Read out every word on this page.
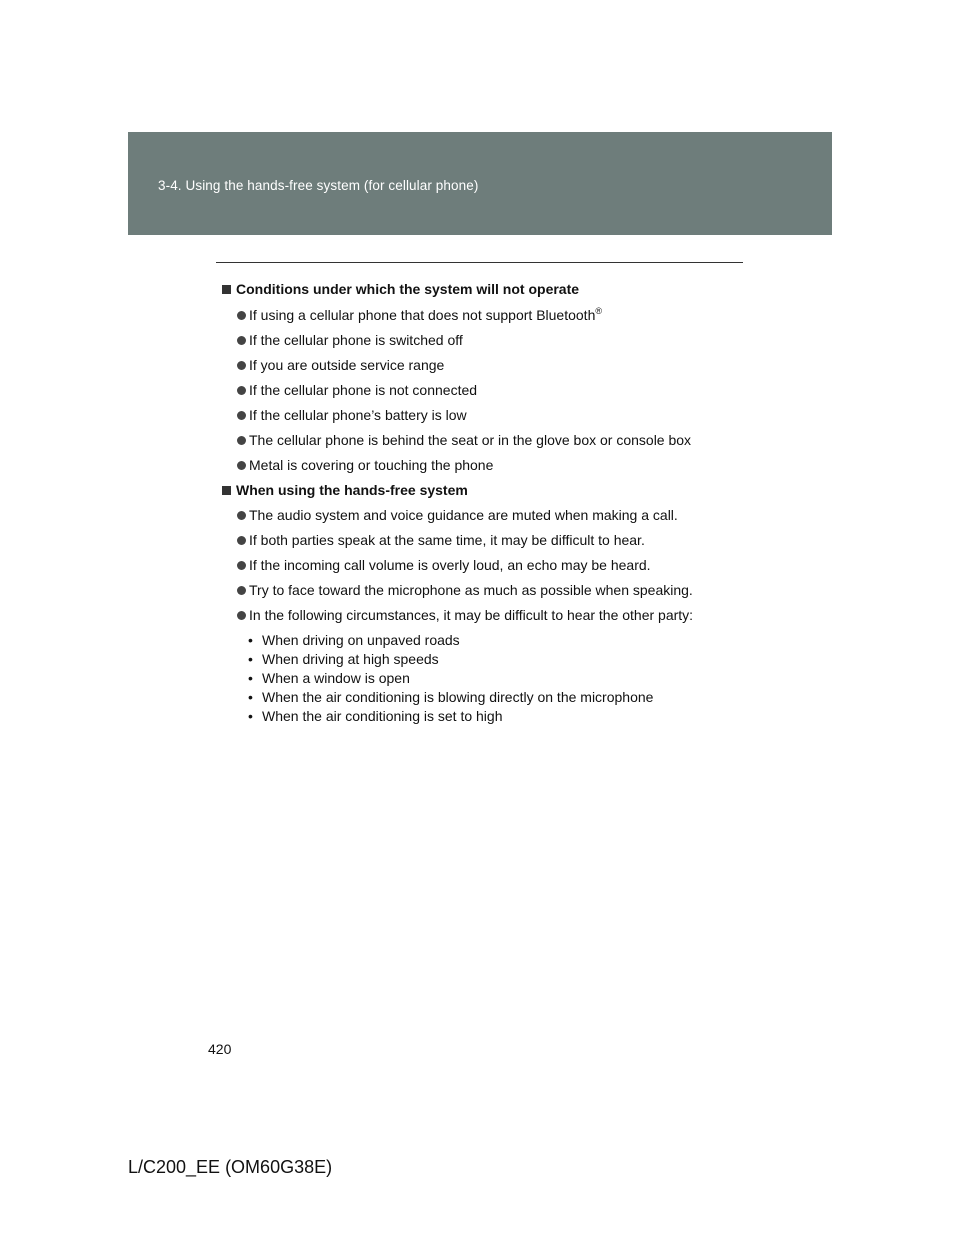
3-4. Using the hands-free system (for cellular phone)
Conditions under which the system will not operate
If using a cellular phone that does not support Bluetooth®
If the cellular phone is switched off
If you are outside service range
If the cellular phone is not connected
If the cellular phone’s battery is low
The cellular phone is behind the seat or in the glove box or console box
Metal is covering or touching the phone
When using the hands-free system
The audio system and voice guidance are muted when making a call.
If both parties speak at the same time, it may be difficult to hear.
If the incoming call volume is overly loud, an echo may be heard.
Try to face toward the microphone as much as possible when speaking.
In the following circumstances, it may be difficult to hear the other party:
• When driving on unpaved roads
• When driving at high speeds
• When a window is open
• When the air conditioning is blowing directly on the microphone
• When the air conditioning is set to high
420
L/C200_EE (OM60G38E)
